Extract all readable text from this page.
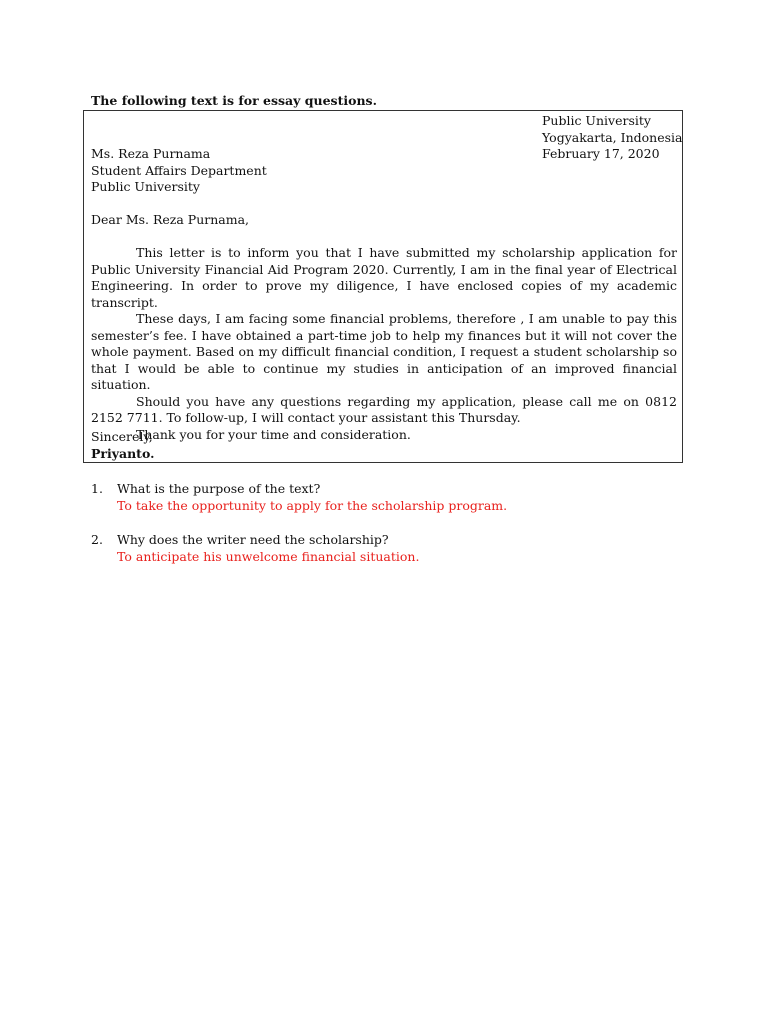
The following text is for essay questions.
Public University
Yogyakarta, Indonesia
February 17, 2020
Ms. Reza Purnama
Student Affairs Department
Public University
Dear Ms. Reza Purnama,

This letter is to inform you that I have submitted my scholarship application for Public University Financial Aid Program 2020. Currently, I am in the final year of Electrical Engineering. In order to prove my diligence, I have enclosed copies of my academic transcript.

These days, I am facing some financial problems, therefore , I am unable to pay this semester’s fee. I have obtained a part-time job to help my finances but it will not cover the whole payment. Based on my difficult financial condition, I request a student scholarship so that I would be able to continue my studies in anticipation of an improved financial situation.

Should you have any questions regarding my application, please call me on 0812 2152 7711. To follow-up, I will contact your assistant this Thursday.

Thank you for your time and consideration.

Sincerely,
Priyanto.
1.	What is the purpose of the text?
To take the opportunity to apply for the scholarship program.
2.	Why does the writer need the scholarship?
To anticipate his unwelcome financial situation.
